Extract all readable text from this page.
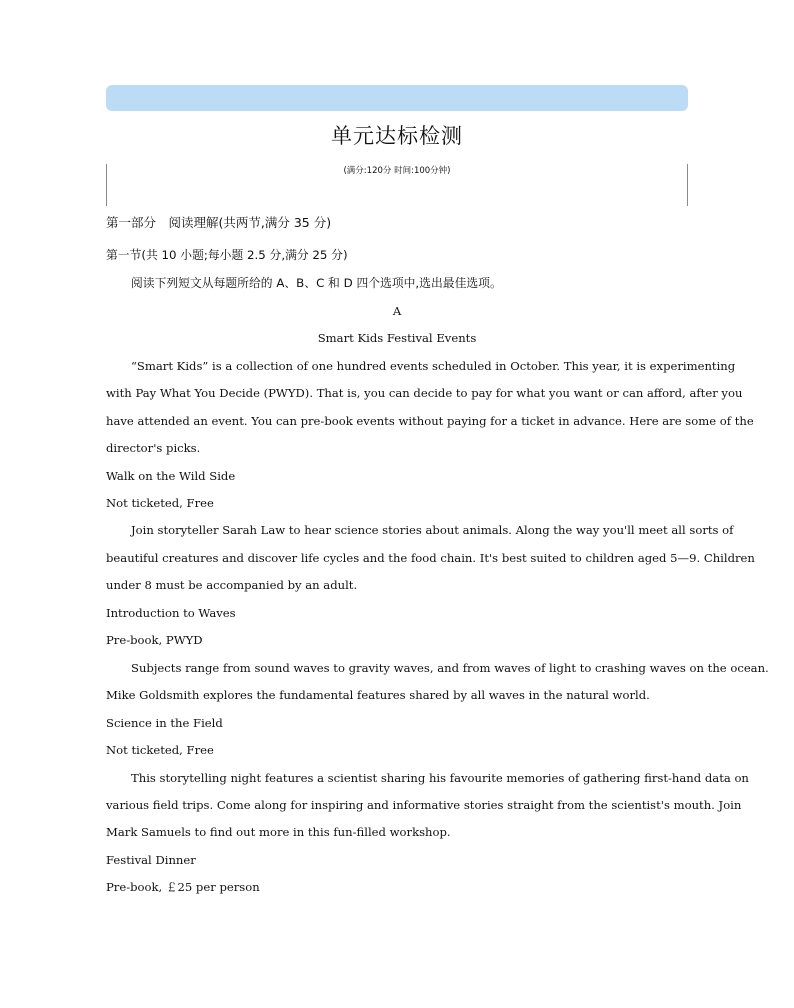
单元达标检测
(满分:120分 时间:100分钟)
第一部分　阅读理解(共两节,满分 35 分)
第一节(共 10 小题;每小题 2.5 分,满分 25 分)
阅读下列短文从每题所给的 A、B、C 和 D 四个选项中,选出最佳选项。
A
Smart Kids Festival Events
“Smart Kids” is a collection of one hundred events scheduled in October. This year, it is experimenting
with Pay What You Decide (PWYD). That is, you can decide to pay for what you want or can afford, after you
have attended an event. You can pre-book events without paying for a ticket in advance. Here are some of the
director's picks.
Walk on the Wild Side
Not ticketed, Free
Join storyteller Sarah Law to hear science stories about animals. Along the way you'll meet all sorts of
beautiful creatures and discover life cycles and the food chain. It's best suited to children aged 5—9. Children
under 8 must be accompanied by an adult.
Introduction to Waves
Pre-book, PWYD
Subjects range from sound waves to gravity waves, and from waves of light to crashing waves on the ocean.
Mike Goldsmith explores the fundamental features shared by all waves in the natural world.
Science in the Field
Not ticketed, Free
This storytelling night features a scientist sharing his favourite memories of gathering first-hand data on
various field trips. Come along for inspiring and informative stories straight from the scientist's mouth. Join
Mark Samuels to find out more in this fun-filled workshop.
Festival Dinner
Pre-book, ￡25 per person
